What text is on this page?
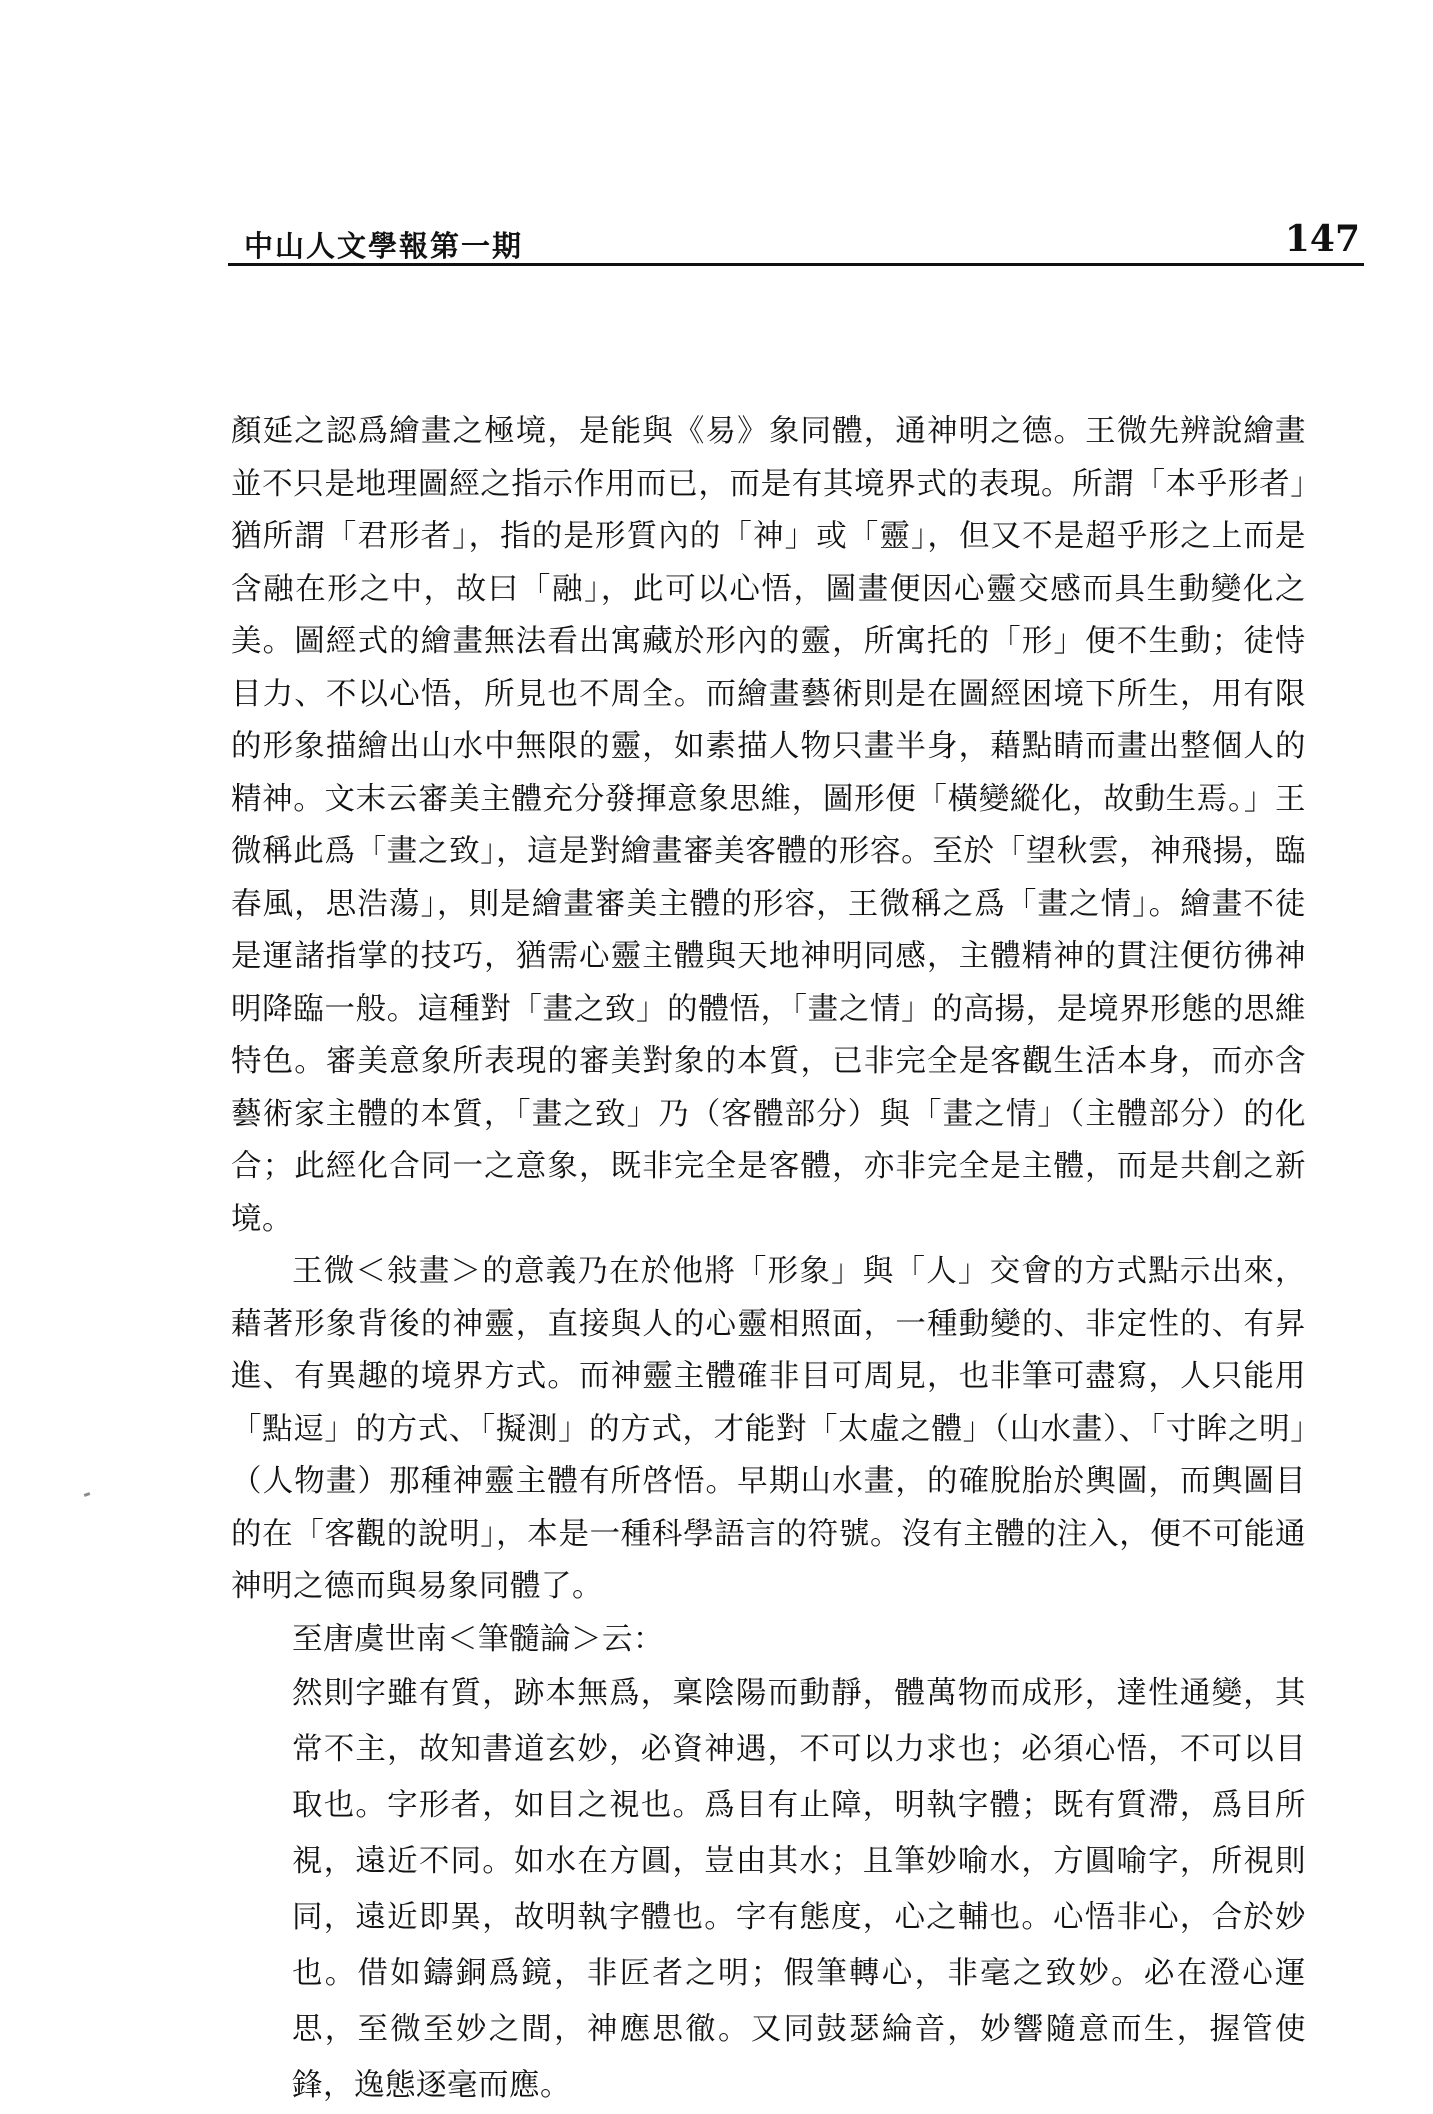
中山人文學報第一期	147

顏延之認爲繪畫之極境，是能與《易》象同體，通神明之德。王微先辨說繪畫並不只是地理圖經之指示作用而已，而是有其境界式的表現。所謂「本乎形者」猶所謂「君形者」，指的是形質內的「神」或「靈」，但又不是超乎形之上而是含融在形之中，故曰「融」，此可以心悟，圖畫便因心靈交感而具生動變化之美。圖經式的繪畫無法看出寓藏於形內的靈，所寓托的「形」便不生動；徒恃目力、不以心悟，所見也不周全。而繪畫藝術則是在圖經困境下所生，用有限的形象描繪出山水中無限的靈，如素描人物只畫半身，藉點睛而畫出整個人的精神。文末云審美主體充分發揮意象思維，圖形便「橫變縱化，故動生焉。」王微稱此爲「畫之致」，這是對繪畫審美客體的形容。至於「望秋雲，神飛揚，臨春風，思浩蕩」，則是繪畫審美主體的形容，王微稱之爲「畫之情」。繪畫不徒是運諸指掌的技巧，猶需心靈主體與天地神明同感，主體精神的貫注便彷彿神明降臨一般。這種對「畫之致」的體悟，「畫之情」的高揚，是境界形態的思維特色。審美意象所表現的審美對象的本質，已非完全是客觀生活本身，而亦含藝術家主體的本質，「畫之致」乃（客體部分）與「畫之情」（主體部分）的化合；此經化合同一之意象，既非完全是客體，亦非完全是主體，而是共創之新境。

王微＜敍畫＞的意義乃在於他將「形象」與「人」交會的方式點示出來，藉著形象背後的神靈，直接與人的心靈相照面，一種動變的、非定性的、有昇進、有異趣的境界方式。而神靈主體確非目可周見，也非筆可盡寫，人只能用「點逗」的方式、「擬測」的方式，才能對「太虛之體」（山水畫）、「寸眸之明」（人物畫）那種神靈主體有所啓悟。早期山水畫，的確脫胎於輿圖，而輿圖目的在「客觀的說明」，本是一種科學語言的符號。沒有主體的注入，便不可能通神明之德而與易象同體了。

至唐虞世南＜筆髓論＞云：

然則字雖有質，跡本無爲，稟陰陽而動靜，體萬物而成形，達性通變，其常不主，故知書道玄妙，必資神遇，不可以力求也；必須心悟，不可以目取也。字形者，如目之視也。爲目有止障，明執字體；既有質滯，爲目所視，遠近不同。如水在方圓，豈由其水；且筆妙喻水，方圓喻字，所視則同，遠近即異，故明執字體也。字有態度，心之輔也。心悟非心，合於妙也。借如鑄銅爲鏡，非匠者之明；假筆轉心，非毫之致妙。必在澄心運思，至微至妙之間，神應思徹。又同鼓瑟綸音，妙響隨意而生，握管使鋒，逸態逐毫而應。
